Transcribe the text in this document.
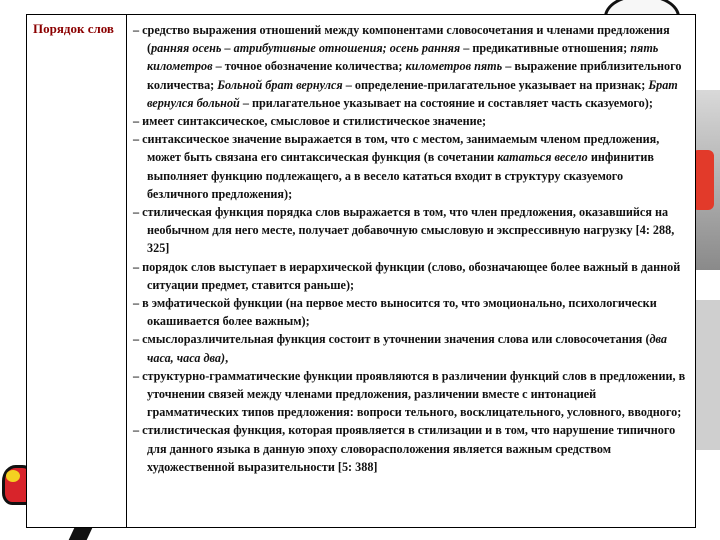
Порядок слов	– средство выражения отношений между компонентами словосочетания и членами предложения (ранняя осень – атрибутивные отношения; осень ранняя – предикативные отношения; пять километров – точное обозначение количества; километров пять – выражение приблизительного количества; Больной брат вернулся – определение-прилагательное указывает на признак; Брат вернулся больной – прилагательное указывает на состояние и составляет часть сказуемого);

– имеет синтаксическое, смысловое и стилистическое значение;

– синтаксическое значение выражается в том, что с местом, занимаемым членом предложения, может быть связана его синтаксическая функция (в сочетании кататься весело инфинитив выполняет функцию подлежащего, а в весело кататься входит в структуру сказуемого безличного предложения);

– стилическая функция порядка слов выражается в том, что член предложения, оказавшийся на необычном для него месте, получает добавочную смысловую и экспрессивную нагрузку [4: 288, 325]

– порядок слов выступает в иерархической функции (слово, обозначающее более важный в данной ситуации предмет, ставится раньше);

– в эмфатической функции (на первое место выносится то, что эмоционально, психологически окашивается более важным);

– смыслоразличительная функция состоит в уточнении значения слова или словосочетания (два часа, часа два),

– структурно-грамматические функции проявляются в различении функций слов в предложении, в уточнении связей между членами предложения, различении вместе с интонацией грамматических типов предложения: вопроси тельного, восклицательного, условного, вводного;

– стилистическая функция, которая проявляется в стилизации и в том, что нарушение типичного для данного языка в данную эпоху словорасположения является важным средством художественной выразительности [5: 388]
